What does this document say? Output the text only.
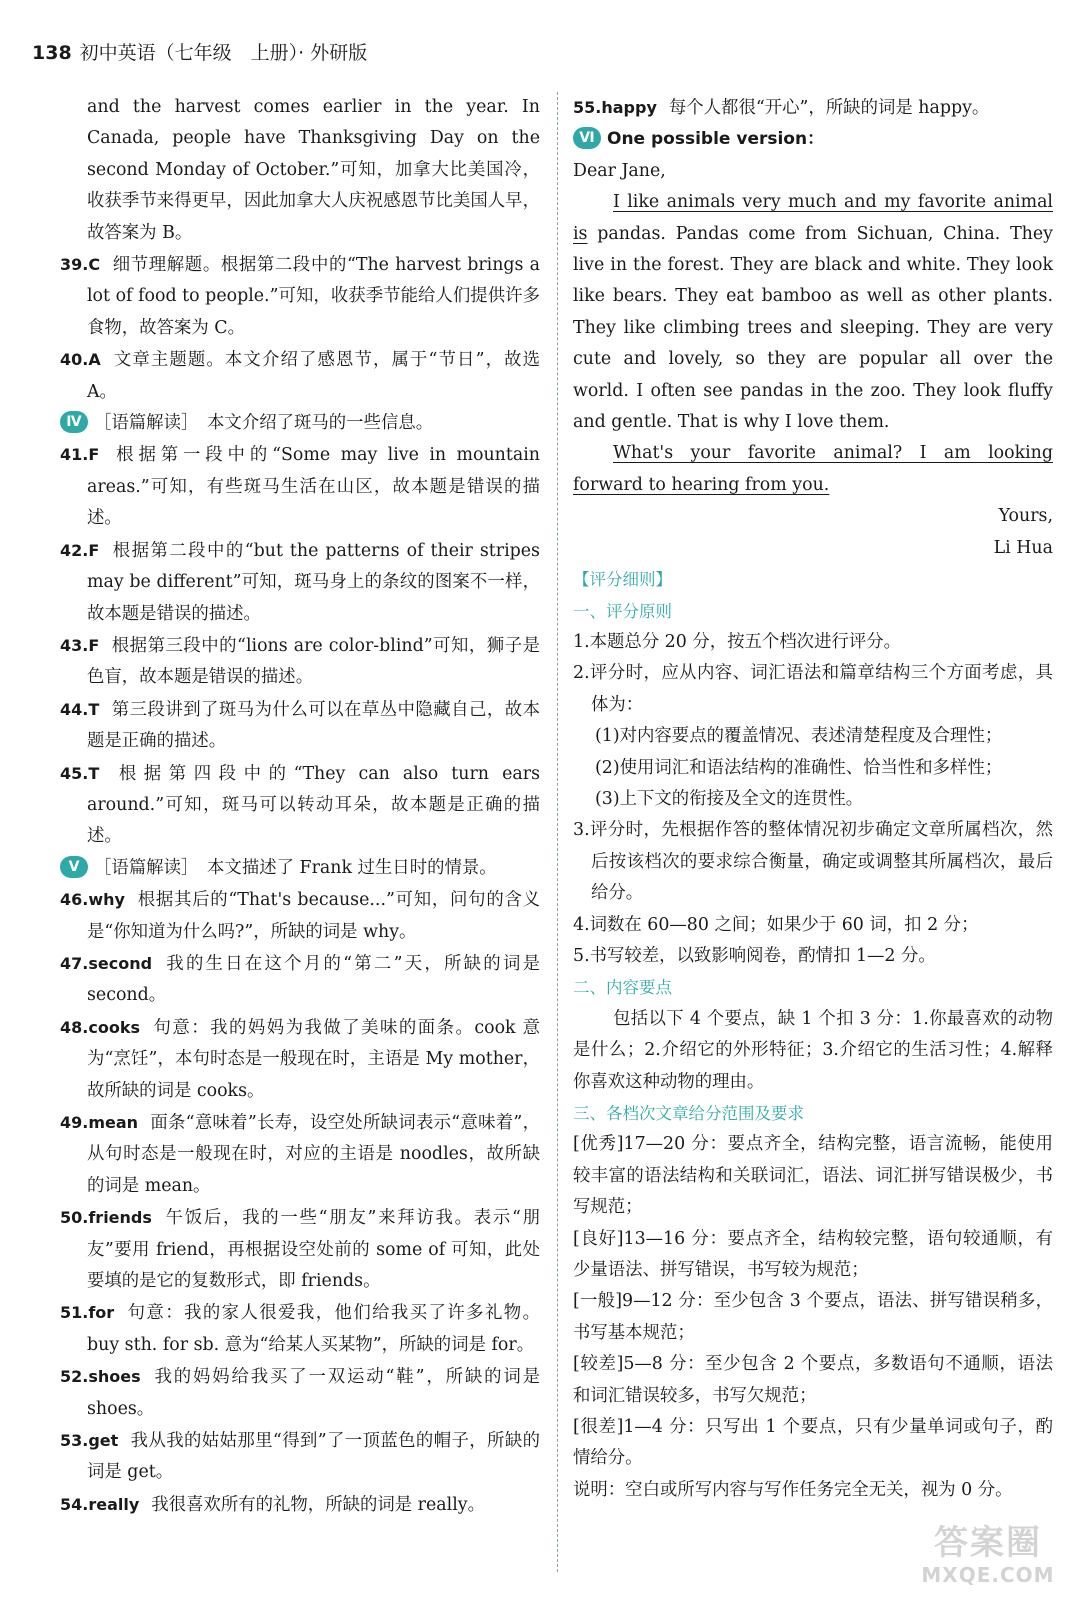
138 初中英语（七年级　上册）· 外研版

and the harvest comes earlier in the year. In Canada, people have Thanksgiving Day on the second Monday of October.”可知，加拿大比美国冷，收获季节来得更早，因此加拿大人庆祝感恩节比美国人早，故答案为 B。

39.C 细节理解题。根据第二段中的“The harvest brings a lot of food to people.”可知，收获季节能给人们提供许多食物，故答案为 C。

40.A 文章主题题。本文介绍了感恩节，属于“节日”，故选 A。

Ⅳ ［语篇解读］　本文介绍了斑马的一些信息。

41.F 根据第一段中的“Some may live in mountain areas.”可知，有些斑马生活在山区，故本题是错误的描述。

42.F 根据第二段中的“but the patterns of their stripes may be different”可知，斑马身上的条纹的图案不一样，故本题是错误的描述。

43.F 根据第三段中的“lions are color-blind”可知，狮子是色盲，故本题是错误的描述。

44.T 第三段讲到了斑马为什么可以在草丛中隐藏自己，故本题是正确的描述。

45.T 根据第四段中的“They can also turn ears around.”可知，斑马可以转动耳朵，故本题是正确的描述。

Ⅴ ［语篇解读］　本文描述了 Frank 过生日时的情景。

46.why 根据其后的“That's because...”可知，问句的含义是“你知道为什么吗?”，所缺的词是 why。

47.second 我的生日在这个月的“第二”天，所缺的词是 second。

48.cooks 句意：我的妈妈为我做了美味的面条。cook 意为“烹饪”，本句时态是一般现在时，主语是 My mother，故所缺的词是 cooks。

49.mean 面条“意味着”长寿，设空处所缺词表示“意味着”，从句时态是一般现在时，对应的主语是 noodles，故所缺的词是 mean。

50.friends 午饭后，我的一些“朋友”来拜访我。表示“朋友”要用 friend，再根据设空处前的 some of 可知，此处要填的是它的复数形式，即 friends。

51.for 句意：我的家人很爱我，他们给我买了许多礼物。buy sth. for sb. 意为“给某人买某物”，所缺的词是 for。

52.shoes 我的妈妈给我买了一双运动“鞋”，所缺的词是 shoes。

53.get 我从我的姑姑那里“得到”了一顶蓝色的帽子，所缺的词是 get。

54.really 我很喜欢所有的礼物，所缺的词是 really。

55.happy 每个人都很“开心”，所缺的词是 happy。

Ⅵ One possible version：

Dear Jane,

I like animals very much and my favorite animal is pandas. Pandas come from Sichuan, China. They live in the forest. They are black and white. They look like bears. They eat bamboo as well as other plants. They like climbing trees and sleeping. They are very cute and lovely, so they are popular all over the world. I often see pandas in the zoo. They look fluffy and gentle. That is why I love them.

What's your favorite animal? I am looking forward to hearing from you.

Yours,

Li Hua

【评分细则】

一、评分原则

1.本题总分 20 分，按五个档次进行评分。

2.评分时，应从内容、词汇语法和篇章结构三个方面考虑，具体为：

(1)对内容要点的覆盖情况、表述清楚程度及合理性；

(2)使用词汇和语法结构的准确性、恰当性和多样性；

(3)上下文的衔接及全文的连贯性。

3.评分时，先根据作答的整体情况初步确定文章所属档次，然后按该档次的要求综合衡量，确定或调整其所属档次，最后给分。

4.词数在 60—80 之间；如果少于 60 词，扣 2 分；

5.书写较差，以致影响阅卷，酌情扣 1—2 分。

二、内容要点

包括以下 4 个要点，缺 1 个扣 3 分：1.你最喜欢的动物是什么；2.介绍它的外形特征；3.介绍它的生活习性；4.解释你喜欢这种动物的理由。

三、各档次文章给分范围及要求

[优秀]17—20 分：要点齐全，结构完整，语言流畅，能使用较丰富的语法结构和关联词汇，语法、词汇拼写错误极少，书写规范；

[良好]13—16 分：要点齐全，结构较完整，语句较通顺，有少量语法、拼写错误，书写较为规范；

[一般]9—12 分：至少包含 3 个要点，语法、拼写错误稍多，书写基本规范；

[较差]5—8 分：至少包含 2 个要点，多数语句不通顺，语法和词汇错误较多，书写欠规范；

[很差]1—4 分：只写出 1 个要点，只有少量单词或句子，酌情给分。

说明：空白或所写内容与写作任务完全无关，视为 0 分。

答案圈
MXQE.COM
